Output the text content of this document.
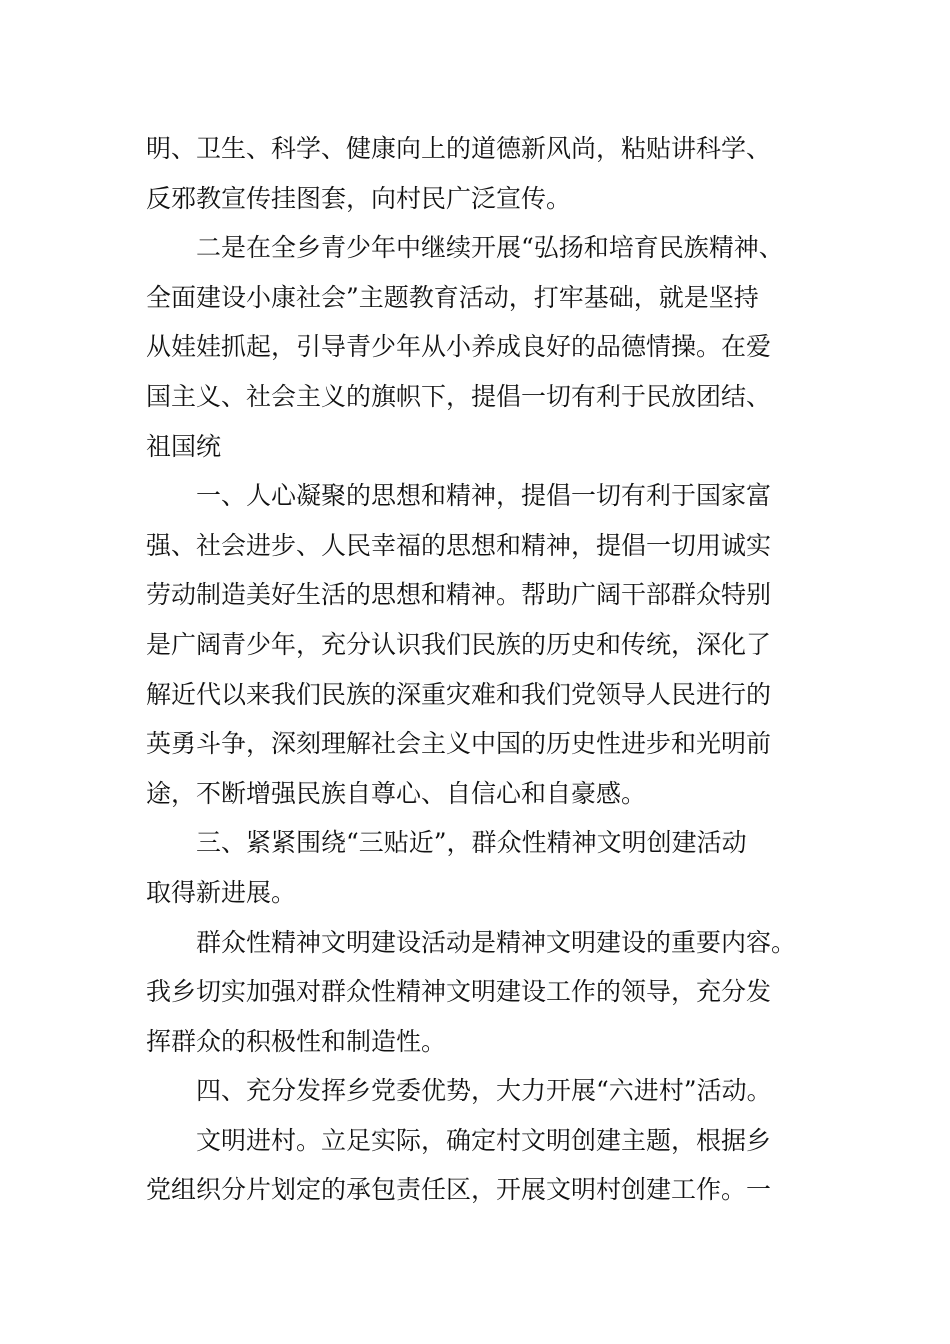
明、卫生、科学、健康向上的道德新风尚，粘贴讲科学、
反邪教宣传挂图套，向村民广泛宣传。

二是在全乡青少年中继续开展“弘扬和培育民族精神、
全面建设小康社会”主题教育活动，打牢基础，就是坚持
从娃娃抓起，引导青少年从小养成良好的品德情操。在爱
国主义、社会主义的旗帜下，提倡一切有利于民放团结、
祖国统

一、人心凝聚的思想和精神，提倡一切有利于国家富
强、社会进步、人民幸福的思想和精神，提倡一切用诚实
劳动制造美好生活的思想和精神。帮助广阔干部群众特别
是广阔青少年，充分认识我们民族的历史和传统，深化了
解近代以来我们民族的深重灾难和我们党领导人民进行的
英勇斗争，深刻理解社会主义中国的历史性进步和光明前
途，不断增强民族自尊心、自信心和自豪感。

三、紧紧围绕“三贴近”，群众性精神文明创建活动
取得新进展。

群众性精神文明建设活动是精神文明建设的重要内容。
我乡切实加强对群众性精神文明建设工作的领导，充分发
挥群众的积极性和制造性。

四、充分发挥乡党委优势，大力开展“六进村”活动。

文明进村。立足实际，确定村文明创建主题，根据乡
党组织分片划定的承包责任区，开展文明村创建工作。一
